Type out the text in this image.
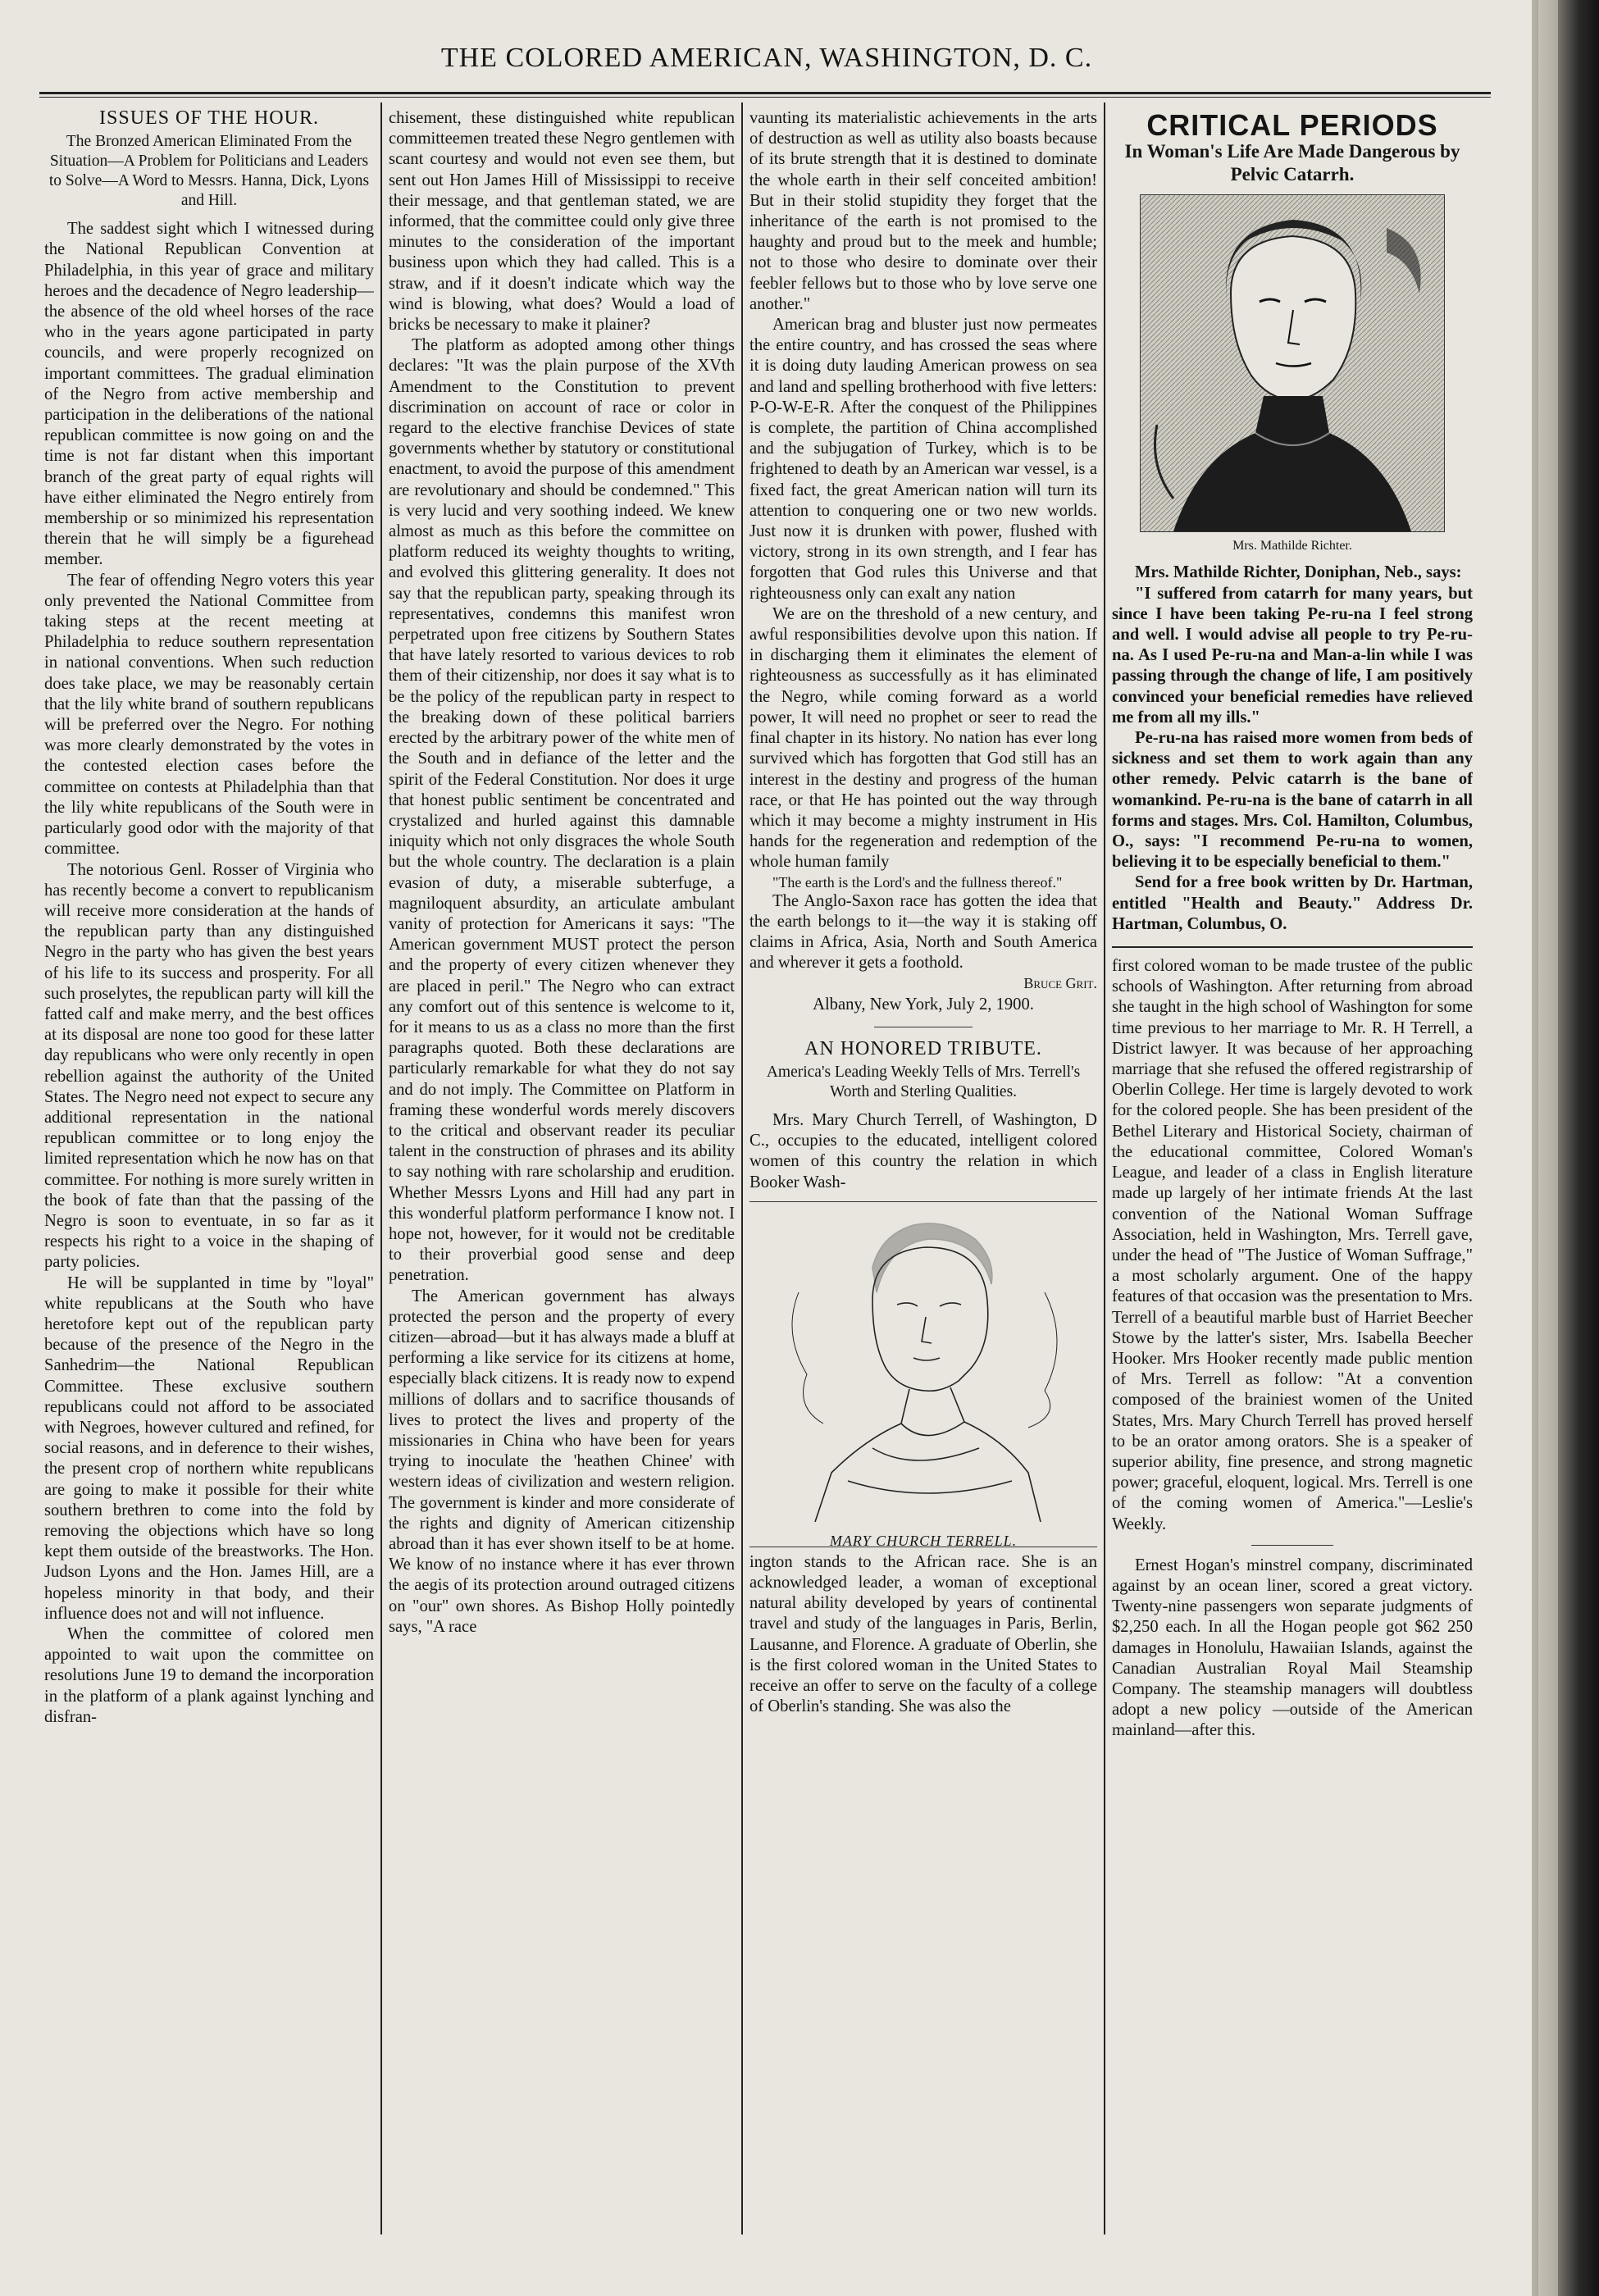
THE COLORED AMERICAN, WASHINGTON, D. C.
ISSUES OF THE HOUR.
The Bronzed American Eliminated From the Situation—A Problem for Politicians and Leaders to Solve—A Word to Messrs. Hanna, Dick, Lyons and Hill.

The saddest sight which I witnessed during the National Republican Convention at Philadelphia, in this year of grace and military heroes and the decadence of Negro leadership—the absence of the old wheel horses of the race who in the years agone participated in party councils, and were properly recognized on important committees. The gradual elimination of the Negro from active membership and participation in the deliberations of the national republican committee is now going on and the time is not far distant when this important branch of the great party of equal rights will have either eliminated the Negro entirely from membership or so minimized his representation therein that he will simply be a figurehead member.

The fear of offending Negro voters this year only prevented the National Committee from taking steps at the recent meeting at Philadelphia to reduce southern representation in national conventions. When such reduction does take place, we may be reasonably certain that the lily white brand of southern republicans will be preferred over the Negro. For nothing was more clearly demonstrated by the votes in the contested election cases before the committee on contests at Philadelphia than that the lily white republicans of the South were in particularly good odor with the majority of that committee.

The notorious Genl. Rosser of Virginia who has recently become a convert to republicanism will receive more consideration at the hands of the republican party than any distinguished Negro in the party who has given the best years of his life to its success and prosperity. For all such proselytes, the republican party will kill the fatted calf and make merry, and the best offices at its disposal are none too good for these latter day republicans who were only recently in open rebellion against the authority of the United States. The Negro need not expect to secure any additional representation in the national republican committee or to long enjoy the limited representation which he now has on that committee. For nothing is more surely written in the book of fate than that the passing of the Negro is soon to eventuate, in so far as it respects his right to a voice in the shaping of party policies.

He will be supplanted in time by "loyal" white republicans at the South who have heretofore kept out of the republican party because of the presence of the Negro in the Sanhedrim—the National Republican Committee. These exclusive southern republicans could not afford to be associated with Negroes, however cultured and refined, for social reasons, and in deference to their wishes, the present crop of northern white republicans are going to make it possible for their white southern brethren to come into the fold by removing the objections which have so long kept them outside of the breastworks. The Hon. Judson Lyons and the Hon. James Hill, are a hopeless minority in that body, and their influence does not and will not influence.

When the committee of colored men appointed to wait upon the committee on resolutions June 19 to demand the incorporation in the platform of a plank against lynching and disfran-

chisement, these distinguished white republican committeemen treated these Negro gentlemen with scant courtesy and would not even see them, but sent out Hon James Hill of Mississippi to receive their message, and that gentleman stated, we are informed, that the committee could only give three minutes to the consideration of the important business upon which they had called. This is a straw, and if it doesn't indicate which way the wind is blowing, what does? Would a load of bricks be necessary to make it plainer?

The platform as adopted among other things declares: "It was the plain purpose of the XVth Amendment to the Constitution to prevent discrimination on account of race or color in regard to the elective franchise Devices of state governments whether by statutory or constitutional enactment, to avoid the purpose of this amendment are revolutionary and should be condemned." This is very lucid and very soothing indeed. We knew almost as much as this before the committee on platform reduced its weighty thoughts to writing, and evolved this glittering generality. It does not say that the republican party, speaking through its representatives, condemns this manifest wron perpetrated upon free citizens by Southern States that have lately resorted to various devices to rob them of their citizenship, nor does it say what is to be the policy of the republican party in respect to the breaking down of these political barriers erected by the arbitrary power of the white men of the South and in defiance of the letter and the spirit of the Federal Constitution. Nor does it urge that honest public sentiment be concentrated and crystalized and hurled against this damnable iniquity which not only disgraces the whole South but the whole country. The declaration is a plain evasion of duty, a miserable subterfuge, a magniloquent absurdity, an articulate ambulant vanity of protection for Americans it says: "The American government MUST protect the person and the property of every citizen whenever they are placed in peril." The Negro who can extract any comfort out of this sentence is welcome to it, for it means to us as a class no more than the first paragraphs quoted. Both these declarations are particularly remarkable for what they do not say and do not imply. The Committee on Platform in framing these wonderful words merely discovers to the critical and observant reader its peculiar talent in the construction of phrases and its ability to say nothing with rare scholarship and erudition. Whether Messrs Lyons and Hill had any part in this wonderful platform performance I know not. I hope not, however, for it would not be creditable to their proverbial good sense and deep penetration.

The American government has always protected the person and the property of every citizen—abroad—but it has always made a bluff at performing a like service for its citizens at home, especially black citizens. It is ready now to expend millions of dollars and to sacrifice thousands of lives to protect the lives and property of the missionaries in China who have been for years trying to inoculate the 'heathen Chinee' with western ideas of civilization and western religion. The government is kinder and more considerate of the rights and dignity of American citizenship abroad than it has ever shown itself to be at home. We know of no instance where it has ever thrown the aegis of its protection around outraged citizens on "our" own shores. As Bishop Holly pointedly says, "A race

vaunting its materialistic achievements in the arts of destruction as well as utility also boasts because of its brute strength that it is destined to dominate the whole earth in their self conceited ambition! But in their stolid stupidity they forget that the inheritance of the earth is not promised to the haughty and proud but to the meek and humble; not to those who desire to dominate over their feebler fellows but to those who by love serve one another."

American brag and bluster just now permeates the entire country, and has crossed the seas where it is doing duty lauding American prowess on sea and land and spelling brotherhood with five letters: P-O-W-E-R. After the conquest of the Philippines is complete, the partition of China accomplished and the subjugation of Turkey, which is to be frightened to death by an American war vessel, is a fixed fact, the great American nation will turn its attention to conquering one or two new worlds. Just now it is drunken with power, flushed with victory, strong in its own strength, and I fear has forgotten that God rules this Universe and that righteousness only can exalt any nation

We are on the threshold of a new century, and awful responsibilities devolve upon this nation. If in discharging them it eliminates the element of righteousness as successfully as it has eliminated the Negro, while coming forward as a world power, It will need no prophet or seer to read the final chapter in its history. No nation has ever long survived which has forgotten that God still has an interest in the destiny and progress of the human race, or that He has pointed out the way through which it may become a mighty instrument in His hands for the regeneration and redemption of the whole human family

"The earth is the Lord's and the fullness thereof."

The Anglo-Saxon race has gotten the idea that the earth belongs to it—the way it is staking off claims in Africa, Asia, North and South America and wherever it gets a foothold.

Bruce Grit.

Albany, New York, July 2, 1900.

AN HONORED TRIBUTE.
America's Leading Weekly Tells of Mrs. Terrell's Worth and Sterling Qualities.

Mrs. Mary Church Terrell, of Washington, D C., occupies to the educated, intelligent colored women of this country the relation in which Booker Wash-

MARY CHURCH TERRELL.

ington stands to the African race. She is an acknowledged leader, a woman of exceptional natural ability developed by years of continental travel and study of the languages in Paris, Berlin, Lausanne, and Florence. A graduate of Oberlin, she is the first colored woman in the United States to receive an offer to serve on the faculty of a college of Oberlin's standing. She was also the

CRITICAL PERIODS
In Woman's Life Are Made Dangerous by Pelvic Catarrh.
Mrs. Mathilde Richter.

Mrs. Mathilde Richter, Doniphan, Neb., says:

"I suffered from catarrh for many years, but since I have been taking Pe-ru-na I feel strong and well. I would advise all people to try Pe-ru-na. As I used Pe-ru-na and Man-a-lin while I was passing through the change of life, I am positively convinced your beneficial remedies have relieved me from all my ills."

Pe-ru-na has raised more women from beds of sickness and set them to work again than any other remedy. Pelvic catarrh is the bane of womankind. Pe-ru-na is the bane of catarrh in all forms and stages. Mrs. Col. Hamilton, Columbus, O., says: "I recommend Pe-ru-na to women, believing it to be especially beneficial to them."

Send for a free book written by Dr. Hartman, entitled "Health and Beauty." Address Dr. Hartman, Columbus, O.

first colored woman to be made trustee of the public schools of Washington. After returning from abroad she taught in the high school of Washington for some time previous to her marriage to Mr. R. H Terrell, a District lawyer. It was because of her approaching marriage that she refused the offered registrarship of Oberlin College. Her time is largely devoted to work for the colored people. She has been president of the Bethel Literary and Historical Society, chairman of the educational committee, Colored Woman's League, and leader of a class in English literature made up largely of her intimate friends At the last convention of the National Woman Suffrage Association, held in Washington, Mrs. Terrell gave, under the head of "The Justice of Woman Suffrage," a most scholarly argument. One of the happy features of that occasion was the presentation to Mrs. Terrell of a beautiful marble bust of Harriet Beecher Stowe by the latter's sister, Mrs. Isabella Beecher Hooker. Mrs Hooker recently made public mention of Mrs. Terrell as follow: "At a convention composed of the brainiest women of the United States, Mrs. Mary Church Terrell has proved herself to be an orator among orators. She is a speaker of superior ability, fine presence, and strong magnetic power; graceful, eloquent, logical. Mrs. Terrell is one of the coming women of America."—Leslie's Weekly.

Ernest Hogan's minstrel company, discriminated against by an ocean liner, scored a great victory. Twenty-nine passengers won separate judgments of $2,250 each. In all the Hogan people got $62 250 damages in Honolulu, Hawaiian Islands, against the Canadian Australian Royal Mail Steamship Company. The steamship managers will doubtless adopt a new policy —outside of the American mainland—after this.
